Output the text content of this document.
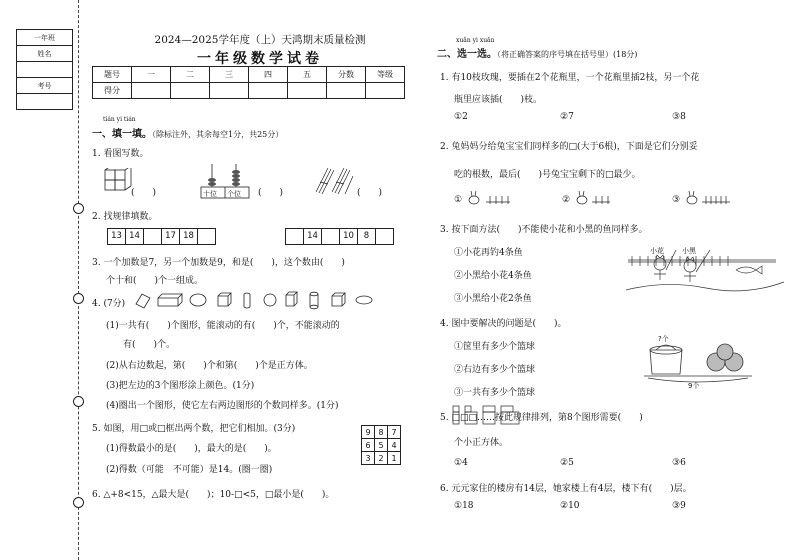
一年班
姓名

考号

2024—2025学年度（上）天鸿期末质量检测
一年级数学试卷
题号	一	二	三	四	五	分数	等级
得分							
tián yi tián
一、填一填。（除标注外，其余每空1分，共25分）
1. 看图写数。
(　　)	十位 个位 (　　)	(　　)
2. 找规律填数。
13 14	17 18	14	10	8
3. 一个加数是7，另一个加数是9，和是(　　)，这个数由(　　)
个十和(　　)个一组成。
4. (7分)
(1)一共有(　　)个图形，能滚动的有(　　)个，不能滚动的
有(　　)个。
(2)从右边数起，第(　　)个和第(　　)个是正方体。
(3)把左边的3个图形涂上颜色。(1分)
(4)圈出一个图形，使它左右两边图形的个数同样多。(1分)
5. 如图，用□或□框出两个数，把它们相加。(3分)
(1)得数最小的是(　　)，最大的是(　　)。
(2)得数（可能　不可能）是14。(圈一圈)
9	8	7
6	5	4
3	2	1
6. △+8<15，△最大是(　　)；10-□<5，□最小是(　　)。
xuǎn yi xuǎn
二、选一选。（将正确答案的序号填在括号里）(18分)
1. 有10枝玫瑰，要插在2个花瓶里，一个花瓶里插2枝，另一个花
瓶里应该插(　　)枝。
①2	②7	③8
2. 兔妈妈分给兔宝宝们同样多的□(大于6根)，下面是它们分别妥
吃的根数，最后(　　)号兔宝宝剩下的□最少。
①	②	③
3. 按下面方法(　　)不能使小花和小黑的鱼同样多。
①小花再钓4条鱼
②小黑给小花4条鱼
③小黑给小花2条鱼
小花	小黑
4. 图中要解决的问题是(　　)。
①筐里有多少个篮球
②右边有多少个篮球
③一共有多少个篮球
?个
9个
5. □□□……按此规律排列，第8个图形需要(　　)
个小正方体。
①4	②5	③6
6. 元元家住的楼房有14层，她家楼上有4层，楼下有(　　)层。
①18	②10	③9
